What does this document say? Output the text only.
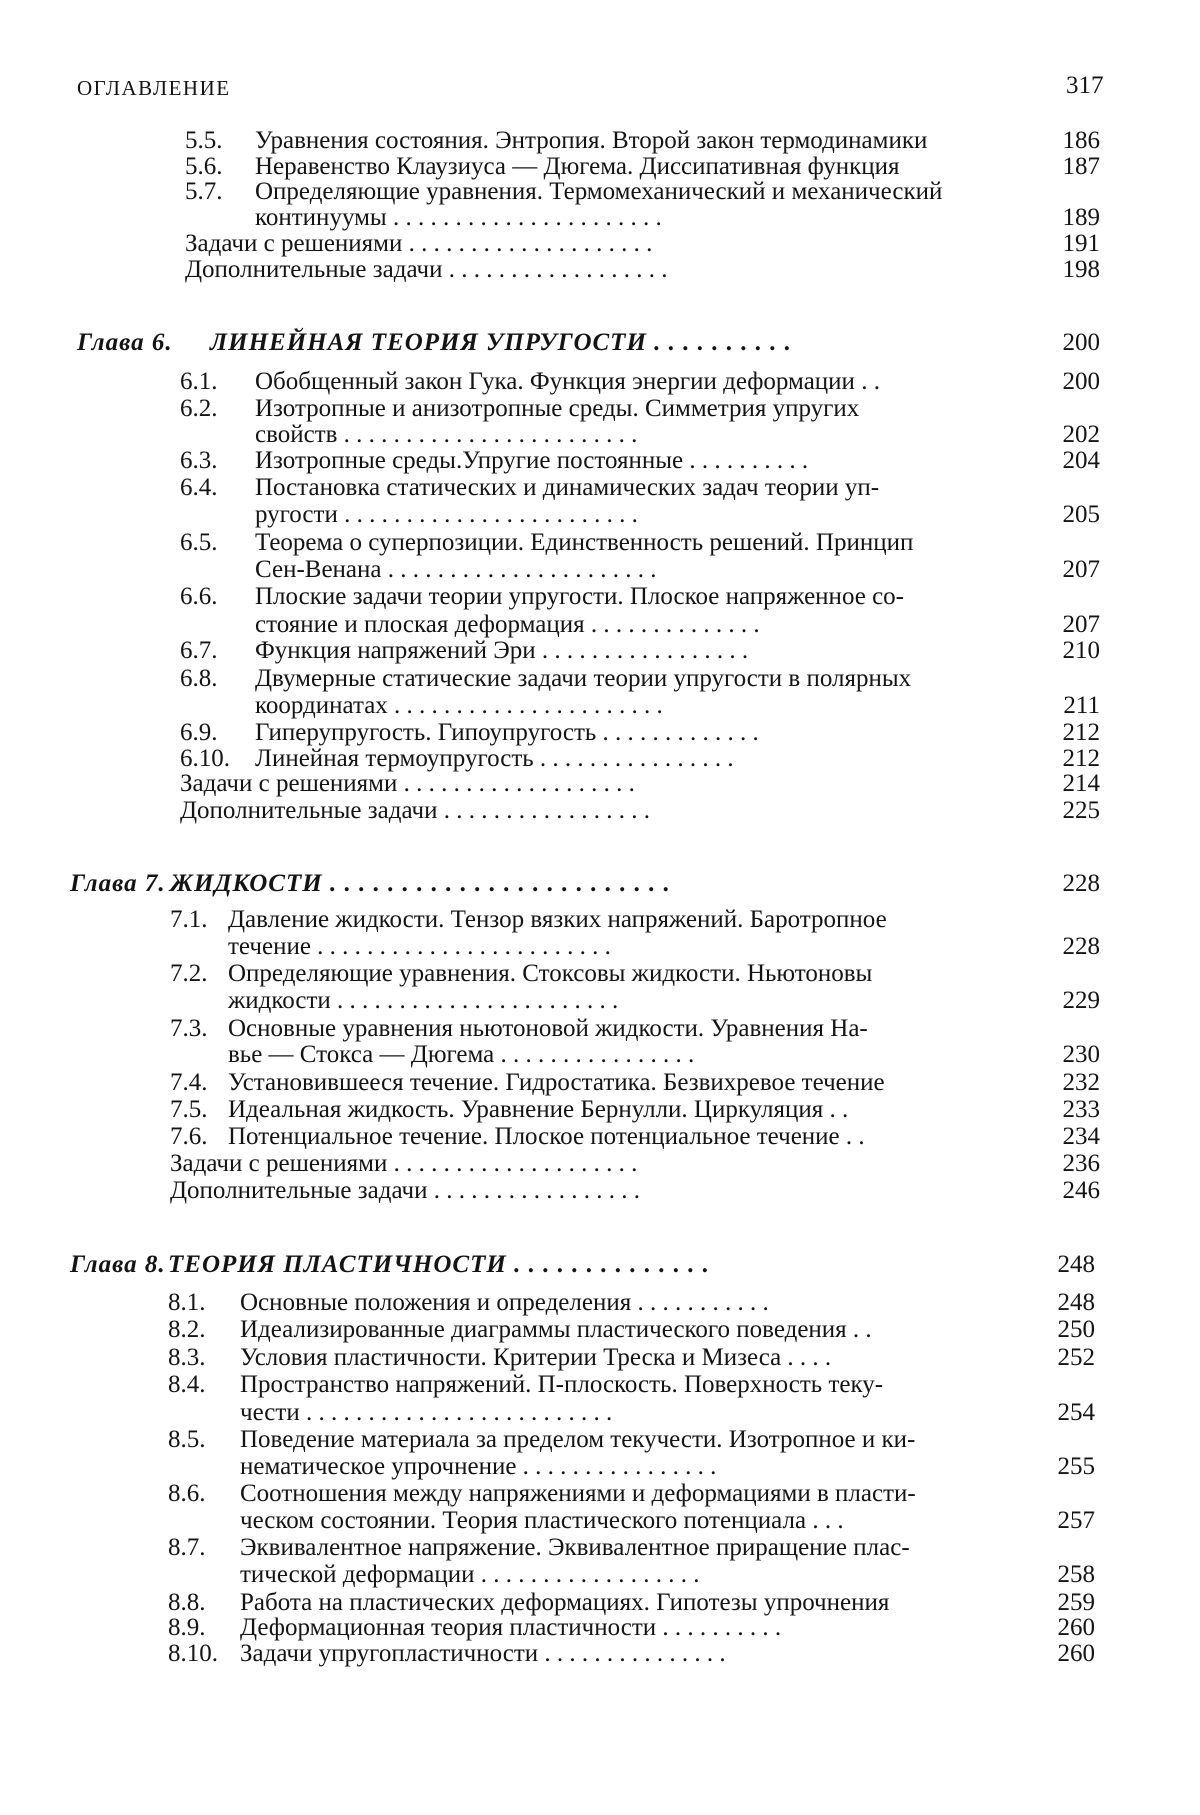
ОГЛАВЛЕНИЕ	317
5.5. Уравнения состояния. Энтропия. Второй закон термодинамики	186
5.6. Неравенство Клаузиуса — Дюгема. Диссипативная функция	187
5.7. Определяющие уравнения. Термомеханический и механический
континуумы . . . . . . . . . . . . . . . . . . . . . .	189
Задачи с решениями . . . . . . . . . . . . . . . . . . . .	191
Дополнительные задачи . . . . . . . . . . . . . . . . . .	198
Глава 6. ЛИНЕЙНАЯ ТЕОРИЯ УПРУГОСТИ . . . . . . . . . .	200
6.1. Обобщенный закон Гука. Функция энергии деформации . .	200
6.2. Изотропные и анизотропные среды. Симметрия упругих
свойств . . . . . . . . . . . . . . . . . . . . . . . .	202
6.3. Изотропные среды.Упругие постоянные . . . . . . . . . .	204
6.4. Постановка статических и динамических задач теории уп-
ругости . . . . . . . . . . . . . . . . . . . . . . . .	205
6.5. Теорема о суперпозиции. Единственность решений. Принцип
Сен-Венана . . . . . . . . . . . . . . . . . . . . . .	207
6.6. Плоские задачи теории упругости. Плоское напряженное со-
стояние и плоская деформация . . . . . . . . . . . . . .	207
6.7. Функция напряжений Эри . . . . . . . . . . . . . . . . .	210
6.8. Двумерные статические задачи теории упругости в полярных
координатах . . . . . . . . . . . . . . . . . . . . . .	211
6.9. Гиперупругость. Гипоупругость . . . . . . . . . . . . .	212
6.10. Линейная термоупругость . . . . . . . . . . . . . . . .	212
Задачи с решениями . . . . . . . . . . . . . . . . . . .	214
Дополнительные задачи . . . . . . . . . . . . . . . . .	225
Глава 7. ЖИДКОСТИ . . . . . . . . . . . . . . . . . . . . . . . .	228
7.1. Давление жидкости. Тензор вязких напряжений. Баротропное
течение . . . . . . . . . . . . . . . . . . . . . . . .	228
7.2. Определяющие уравнения. Стоксовы жидкости. Ньютоновы
жидкости . . . . . . . . . . . . . . . . . . . . . . .	229
7.3. Основные уравнения ньютоновой жидкости. Уравнения На-
вье — Стокса — Дюгема . . . . . . . . . . . . . . . .	230
7.4. Установившееся течение. Гидростатика. Безвихревое течение	232
7.5. Идеальная жидкость. Уравнение Бернулли. Циркуляция . .	233
7.6. Потенциальное течение. Плоское потенциальное течение . .	234
Задачи с решениями . . . . . . . . . . . . . . . . . . . .	236
Дополнительные задачи . . . . . . . . . . . . . . . . .	246
Глава 8. ТЕОРИЯ ПЛАСТИЧНОСТИ . . . . . . . . . . . . . .	248
8.1. Основные положения и определения . . . . . . . . . . .	248
8.2. Идеализированные диаграммы пластического поведения . .	250
8.3. Условия пластичности. Критерии Треска и Мизеса . . . .	252
8.4. Пространство напряжений. П-плоскость. Поверхность теку-
чести . . . . . . . . . . . . . . . . . . . . . . . . .	254
8.5. Поведение материала за пределом текучести. Изотропное и ки-
нематическое упрочнение . . . . . . . . . . . . . . . .	255
8.6. Соотношения между напряжениями и деформациями в пласти-
ческом состоянии. Теория пластического потенциала . . .	257
8.7. Эквивалентное напряжение. Эквивалентное приращение плас-
тической деформации . . . . . . . . . . . . . . . . . .	258
8.8. Работа на пластических деформациях. Гипотезы упрочнения	259
8.9. Деформационная теория пластичности . . . . . . . . . .	260
8.10. Задачи упругопластичности . . . . . . . . . . . . . . .	260
